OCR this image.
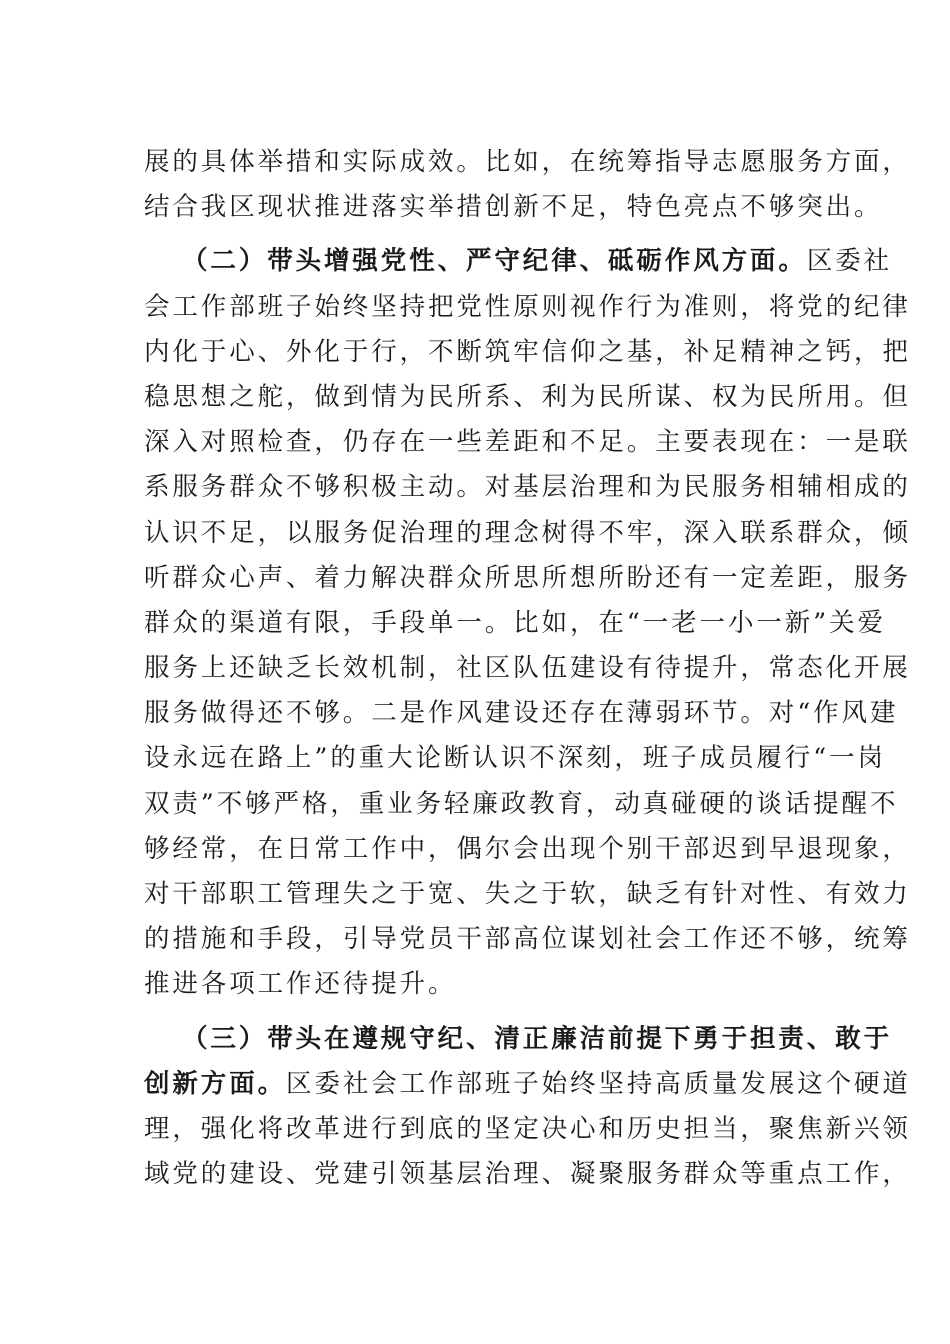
展的具体举措和实际成效。比如，在统筹指导志愿服务方面，
结合我区现状推进落实举措创新不足，特色亮点不够突出。
（二）带头增强党性、严守纪律、砥砺作风方面。区委社
会工作部班子始终坚持把党性原则视作行为准则，将党的纪律
内化于心、外化于行，不断筑牢信仰之基，补足精神之钙，把
稳思想之舵，做到情为民所系、利为民所谋、权为民所用。但
深入对照检查，仍存在一些差距和不足。主要表现在：一是联
系服务群众不够积极主动。对基层治理和为民服务相辅相成的
认识不足，以服务促治理的理念树得不牢，深入联系群众，倾
听群众心声、着力解决群众所思所想所盼还有一定差距，服务
群众的渠道有限，手段单一。比如，在“一老一小一新”关爱
服务上还缺乏长效机制，社区队伍建设有待提升，常态化开展
服务做得还不够。二是作风建设还存在薄弱环节。对“作风建
设永远在路上”的重大论断认识不深刻，班子成员履行“一岗
双责”不够严格，重业务轻廉政教育，动真碰硬的谈话提醒不
够经常，在日常工作中，偶尔会出现个别干部迟到早退现象，
对干部职工管理失之于宽、失之于软，缺乏有针对性、有效力
的措施和手段，引导党员干部高位谋划社会工作还不够，统筹
推进各项工作还待提升。
（三）带头在遵规守纪、清正廉洁前提下勇于担责、敢于
创新方面。区委社会工作部班子始终坚持高质量发展这个硬道
理，强化将改革进行到底的坚定决心和历史担当，聚焦新兴领
域党的建设、党建引领基层治理、凝聚服务群众等重点工作，
